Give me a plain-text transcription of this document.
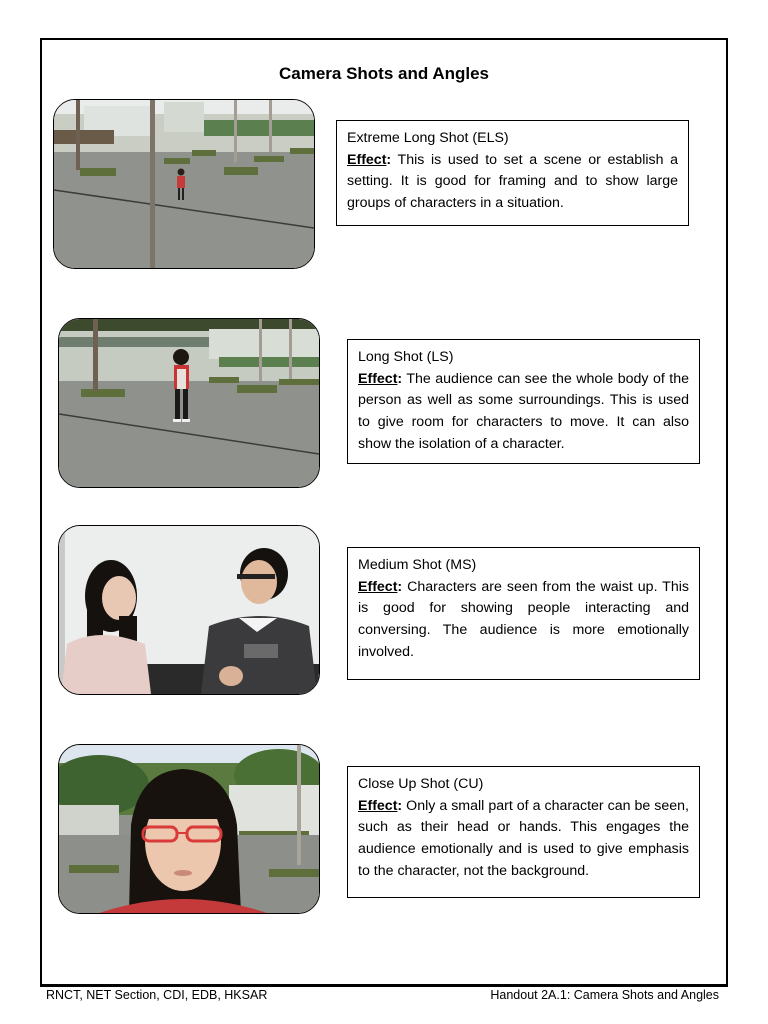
Camera Shots and Angles
Extreme Long Shot (ELS)
Effect: This is used to set a scene or establish a setting. It is good for framing and to show large groups of characters in a situation.
Long Shot (LS)
Effect: The audience can see the whole body of the person as well as some surroundings. This is used to give room for characters to move. It can also show the isolation of a character.
Medium Shot (MS)
Effect: Characters are seen from the waist up. This is good for showing people interacting and conversing. The audience is more emotionally involved.
Close Up Shot (CU)
Effect: Only a small part of a character can be seen, such as their head or hands. This engages the audience emotionally and is used to give emphasis to the character, not the background.
RNCT, NET Section, CDI, EDB, HKSAR	Handout 2A.1: Camera Shots and Angles
